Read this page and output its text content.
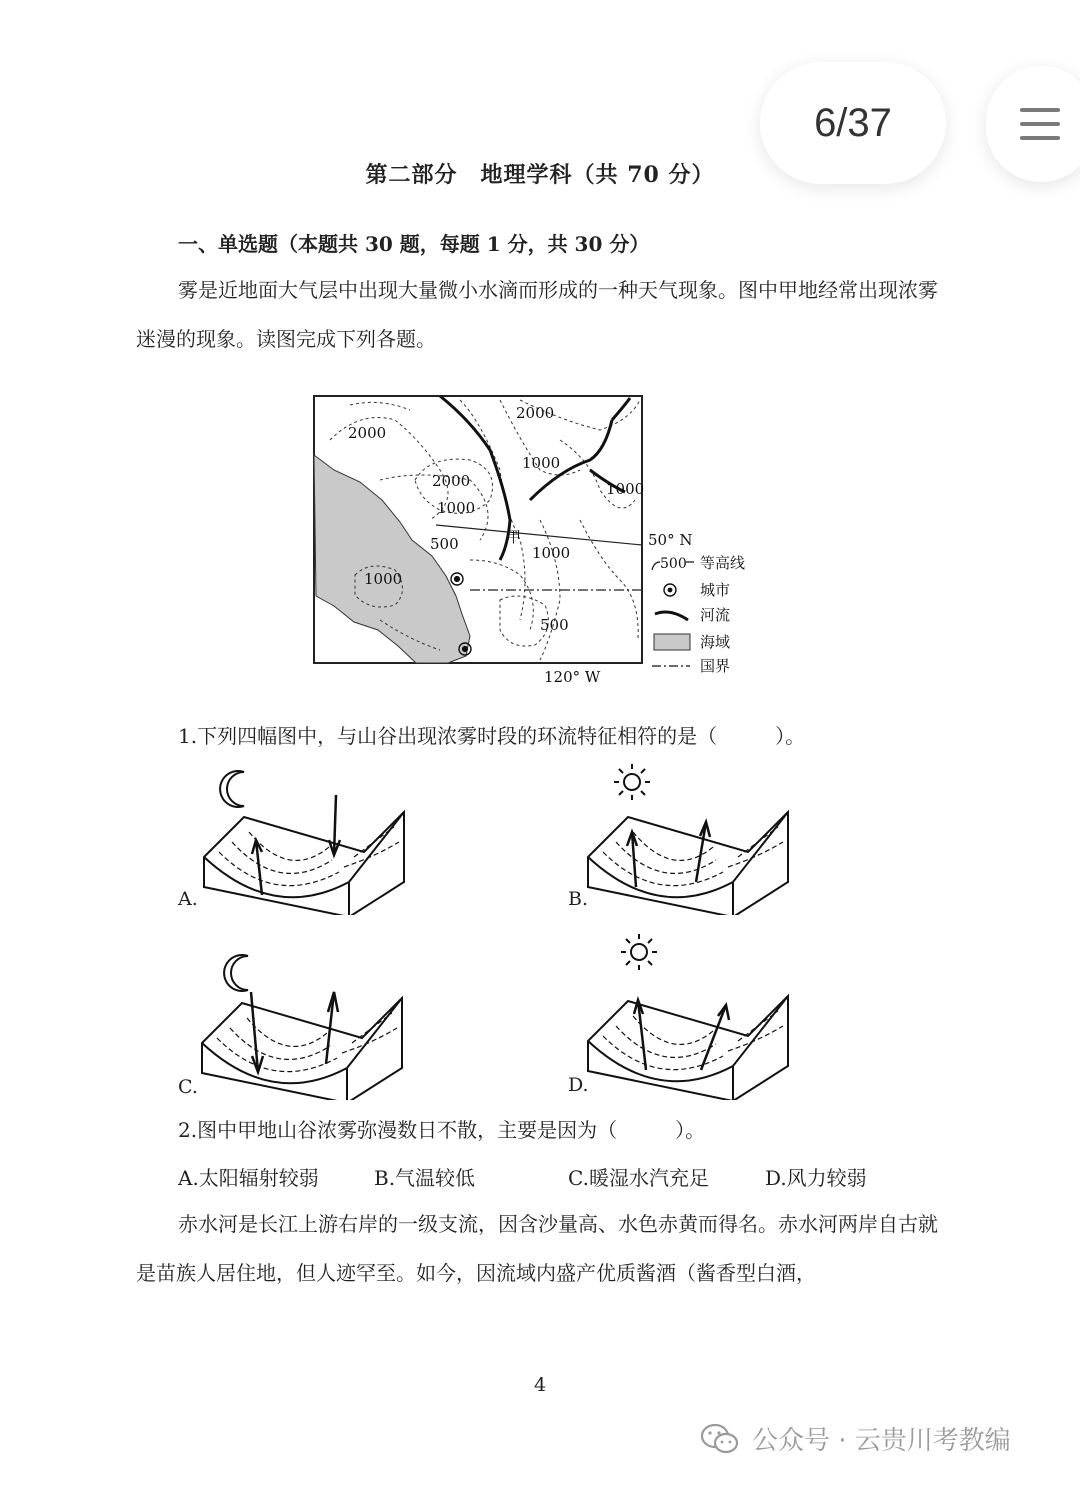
6/37
第二部分　地理学科（共 70 分）
一、单选题（本题共 30 题，每题 1 分，共 30 分）
雾是近地面大气层中出现大量微小水滴而形成的一种天气现象。图中甲地经常出现浓雾迷漫的现象。读图完成下列各题。
2000
2000
2000
1000
1000
1000
1000
500
1000
500
甲	50° N
120° W
500 等高线
城市
河流
海域
国界
1.下列四幅图中，与山谷出现浓雾时段的环流特征相符的是（	）。
A.	B.
C.	D.
2.图中甲地山谷浓雾弥漫数日不散，主要是因为（	）。
A.太阳辐射较弱	B.气温较低	C.暖湿水汽充足	D.风力较弱
赤水河是长江上游右岸的一级支流，因含沙量高、水色赤黄而得名。赤水河两岸自古就是苗族人居住地，但人迹罕至。如今，因流域内盛产优质酱酒（酱香型白酒，
4
公众号 · 云贵川考教编
